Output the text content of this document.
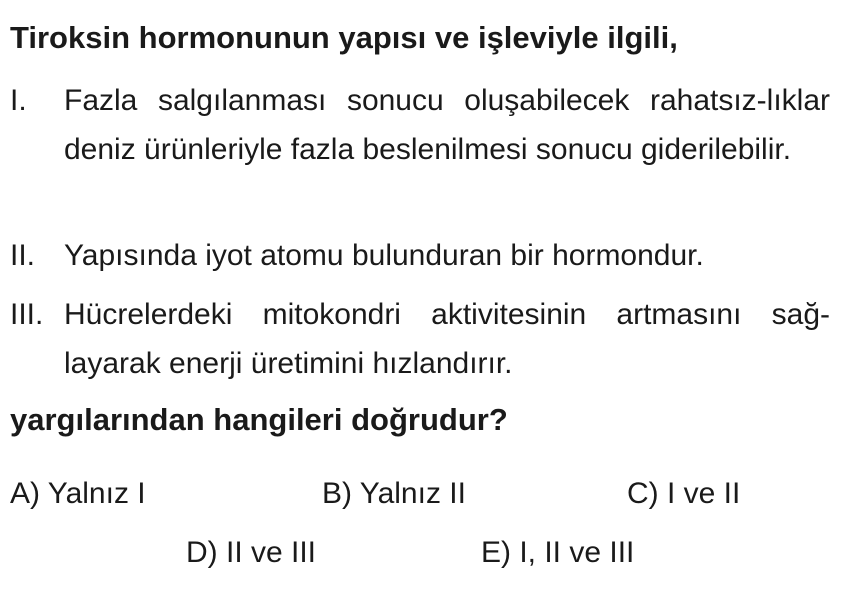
Tiroksin hormonunun yapısı ve işleviyle ilgili,
I. Fazla salgılanması sonucu oluşabilecek rahatsız-lıklar deniz ürünleriyle fazla beslenilmesi sonucu giderilebilir.
II. Yapısında iyot atomu bulunduran bir hormondur.
III. Hücrelerdeki mitokondri aktivitesinin artmasını sağ-layarak enerji üretimini hızlandırır.
yargılarından hangileri doğrudur?
A) Yalnız I	B) Yalnız II	C) I ve II
D) II ve III	E) I, II ve III
